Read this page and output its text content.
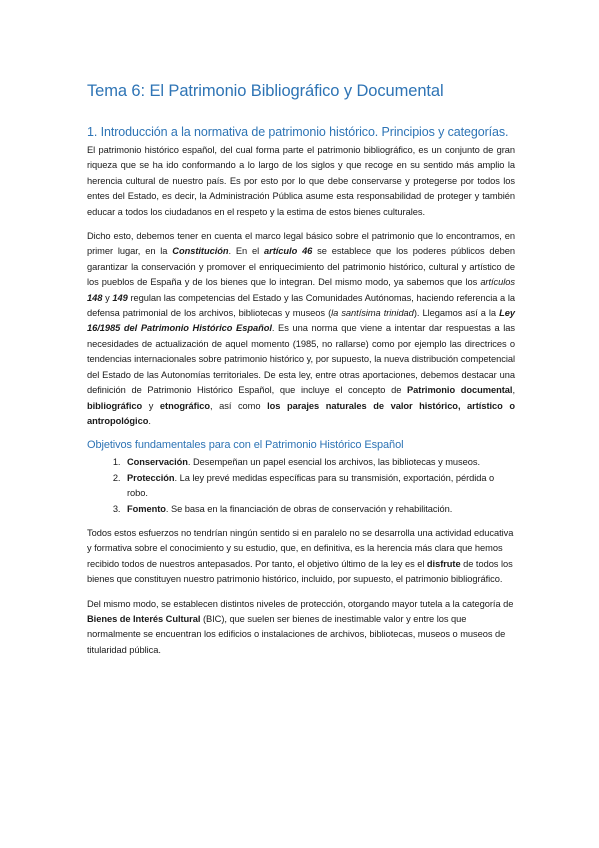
Tema 6: El Patrimonio Bibliográfico y Documental
1. Introducción a la normativa de patrimonio histórico. Principios y categorías.

El patrimonio histórico español, del cual forma parte el patrimonio bibliográfico, es un conjunto de gran riqueza que se ha ido conformando a lo largo de los siglos y que recoge en su sentido más amplio la herencia cultural de nuestro país. Es por esto por lo que debe conservarse y protegerse por todos los entes del Estado, es decir, la Administración Pública asume esta responsabilidad de proteger y también educar a todos los ciudadanos en el respeto y la estima de estos bienes culturales.

Dicho esto, debemos tener en cuenta el marco legal básico sobre el patrimonio que lo encontramos, en primer lugar, en la Constitución. En el artículo 46 se establece que los poderes públicos deben garantizar la conservación y promover el enriquecimiento del patrimonio histórico, cultural y artístico de los pueblos de España y de los bienes que lo integran. Del mismo modo, ya sabemos que los artículos 148 y 149 regulan las competencias del Estado y las Comunidades Autónomas, haciendo referencia a la defensa patrimonial de los archivos, bibliotecas y museos (la santísima trinidad). Llegamos así a la Ley 16/1985 del Patrimonio Histórico Español. Es una norma que viene a intentar dar respuestas a las necesidades de actualización de aquel momento (1985, no rallarse) como por ejemplo las directrices o tendencias internacionales sobre patrimonio histórico y, por supuesto, la nueva distribución competencial del Estado de las Autonomías territoriales. De esta ley, entre otras aportaciones, debemos destacar una definición de Patrimonio Histórico Español, que incluye el concepto de Patrimonio documental, bibliográfico y etnográfico, así como los parajes naturales de valor histórico, artístico o antropológico.

Objetivos fundamentales para con el Patrimonio Histórico Español
1. Conservación. Desempeñan un papel esencial los archivos, las bibliotecas y museos.
2. Protección. La ley prevé medidas específicas para su transmisión, exportación, pérdida o robo.
3. Fomento. Se basa en la financiación de obras de conservación y rehabilitación.

Todos estos esfuerzos no tendrían ningún sentido si en paralelo no se desarrolla una actividad educativa y formativa sobre el conocimiento y su estudio, que, en definitiva, es la herencia más clara que hemos recibido todos de nuestros antepasados. Por tanto, el objetivo último de la ley es el disfrute de todos los bienes que constituyen nuestro patrimonio histórico, incluido, por supuesto, el patrimonio bibliográfico.

Del mismo modo, se establecen distintos niveles de protección, otorgando mayor tutela a la categoría de Bienes de Interés Cultural (BIC), que suelen ser bienes de inestimable valor y entre los que normalmente se encuentran los edificios o instalaciones de archivos, bibliotecas, museos o museos de titularidad pública.
